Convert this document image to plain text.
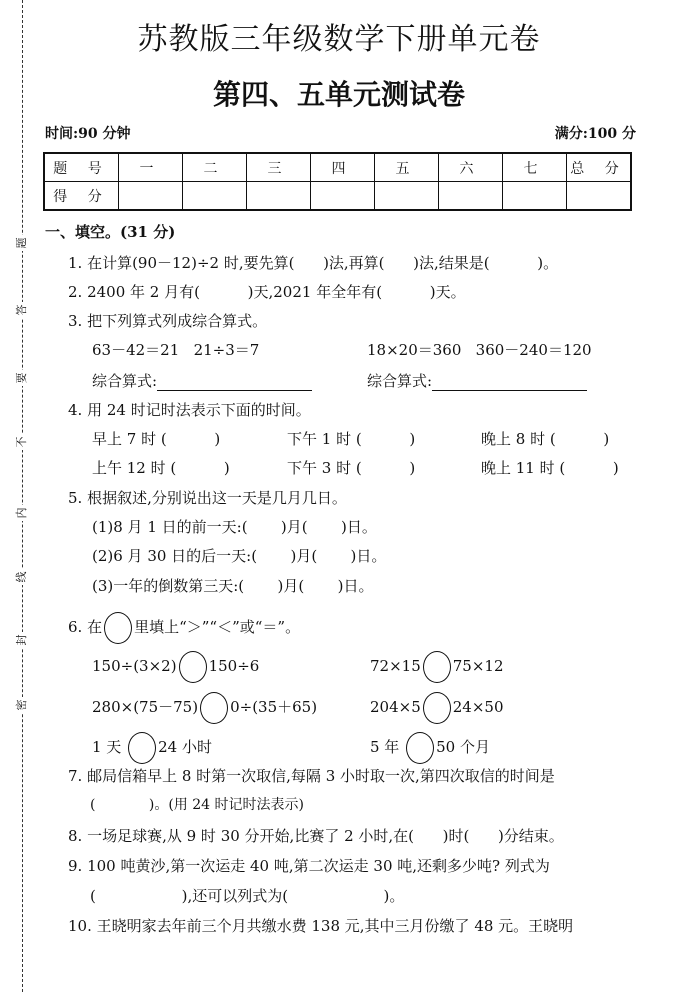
题
答
要
不
内
线
封
密
苏教版三年级数学下册单元卷
第四、五单元测试卷
时间:90 分钟	满分:100 分
题 号	一	二	三	四	五	六	七	总 分
得 分								
一、填空。(31 分)
1. 在计算(90－12)÷2 时,要先算(      )法,再算(      )法,结果是(          )。
2. 2400 年 2 月有(          )天,2021 年全年有(          )天。
3. 把下列算式列成综合算式。
63－42＝21   21÷3＝7	18×20＝360   360－240＝120
综合算式:	综合算式:
4. 用 24 时记时法表示下面的时间。
早上 7 时 (          )	下午 1 时 (          )	晚上 8 时 (          )
上午 12 时 (          )	下午 3 时 (          )	晚上 11 时 (          )
5. 根据叙述,分别说出这一天是几月几日。
(1)8 月 1 日的前一天:(       )月(       )日。
(2)6 月 30 日的后一天:(       )月(       )日。
(3)一年的倒数第三天:(       )月(       )日。
6. 在 里填上“＞”“＜”或“＝”。
150÷(3×2) 150÷6	72×15 75×12
280×(75－75) 0÷(35＋65)	204×5 24×50
1 天 24 小时	5 年 50 个月
7. 邮局信箱早上 8 时第一次取信,每隔 3 小时取一次,第四次取信的时间是
(            )。(用 24 时记时法表示)
8. 一场足球赛,从 9 时 30 分开始,比赛了 2 小时,在(      )时(      )分结束。
9. 100 吨黄沙,第一次运走 40 吨,第二次运走 30 吨,还剩多少吨? 列式为
(                  ),还可以列式为(                    )。
10. 王晓明家去年前三个月共缴水费 138 元,其中三月份缴了 48 元。王晓明
